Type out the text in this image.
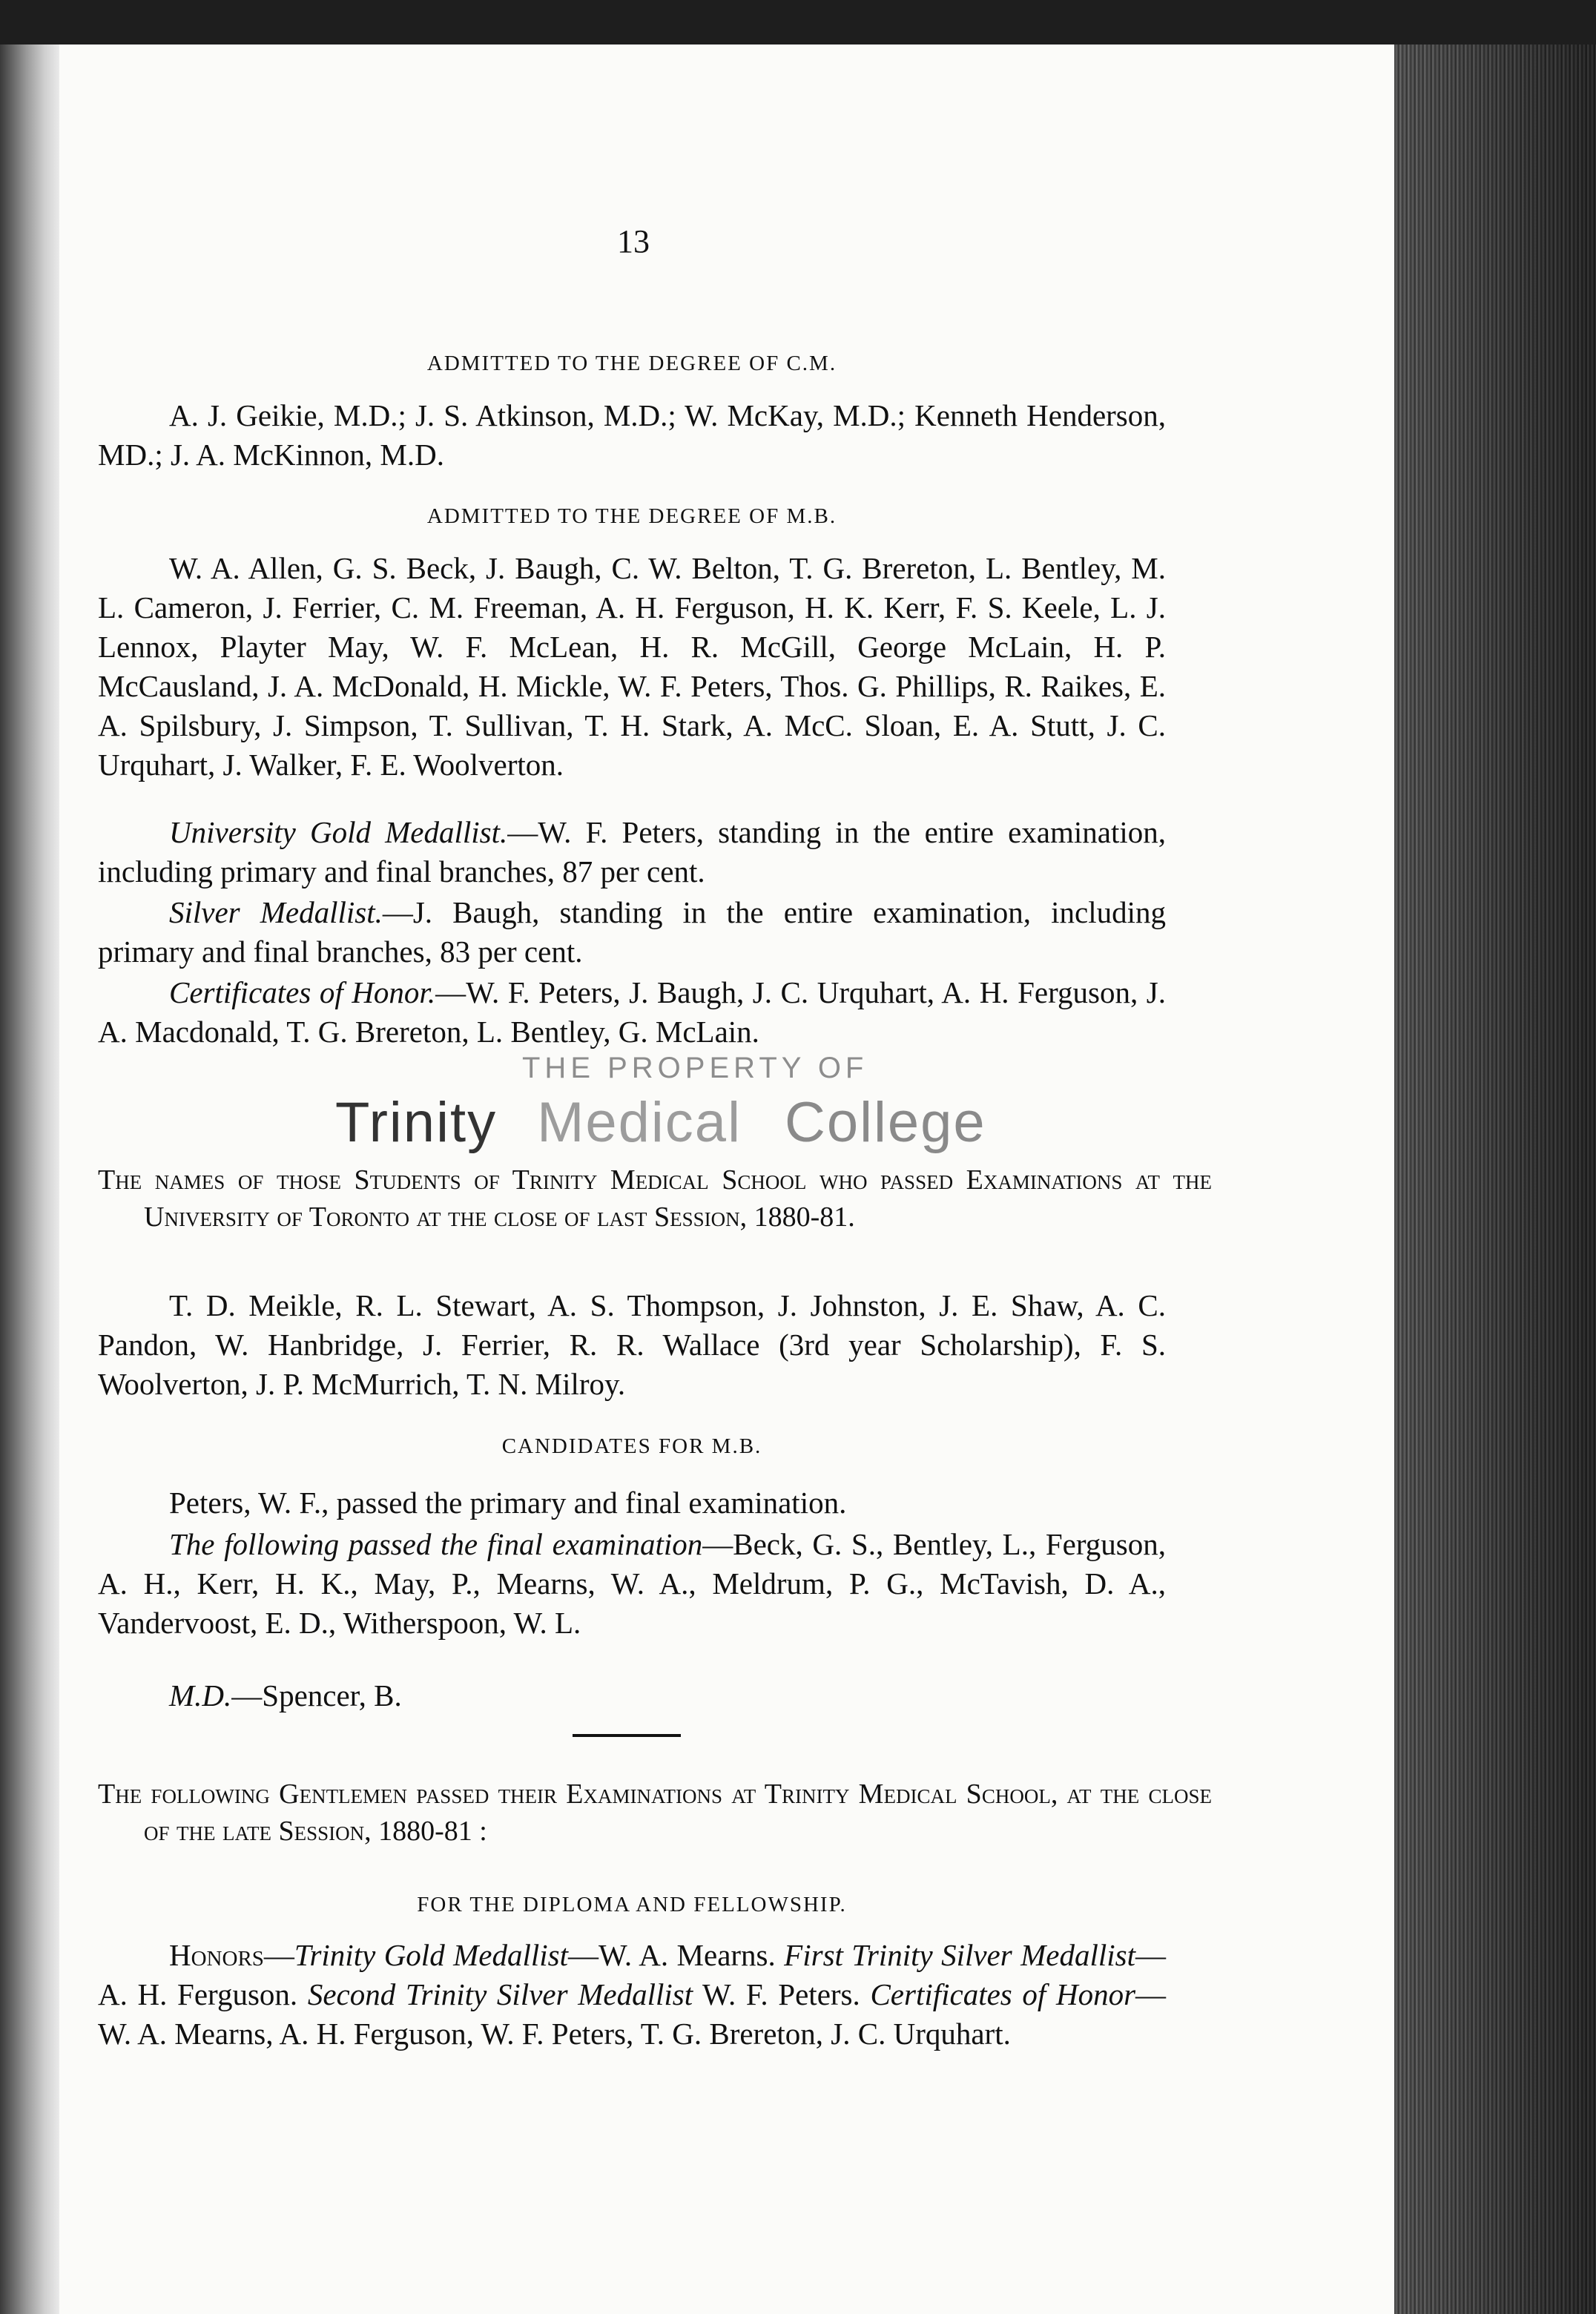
13
ADMITTED TO THE DEGREE OF C.M.
A. J. Geikie, M.D.; J. S. Atkinson, M.D.; W. McKay, M.D.; Kenneth Henderson, MD.; J. A. McKinnon, M.D.
ADMITTED TO THE DEGREE OF M.B.
W. A. Allen, G. S. Beck, J. Baugh, C. W. Belton, T. G. Brereton, L. Bentley, M. L. Cameron, J. Ferrier, C. M. Freeman, A. H. Ferguson, H. K. Kerr, F. S. Keele, L. J. Lennox, Playter May, W. F. McLean, H. R. McGill, George McLain, H. P. McCausland, J. A. McDonald, H. Mickle, W. F. Peters, Thos. G. Phillips, R. Raikes, E. A. Spilsbury, J. Simpson, T. Sullivan, T. H. Stark, A. McC. Sloan, E. A. Stutt, J. C. Urquhart, J. Walker, F. E. Woolverton.
University Gold Medallist.—W. F. Peters, standing in the entire examination, including primary and final branches, 87 per cent.
Silver Medallist.—J. Baugh, standing in the entire examination, including primary and final branches, 83 per cent.
Certificates of Honor.—W. F. Peters, J. Baugh, J. C. Urquhart, A. H. Ferguson, J. A. Macdonald, T. G. Brereton, L. Bentley, G. McLain.
THE PROPERTY OF
Trinity Medical College
The names of those Students of Trinity Medical School who passed Examinations at the University of Toronto at the close of last Session, 1880-81.
T. D. Meikle, R. L. Stewart, A. S. Thompson, J. Johnston, J. E. Shaw, A. C. Pandon, W. Hanbridge, J. Ferrier, R. R. Wallace (3rd year Scholarship), F. S. Woolverton, J. P. McMurrich, T. N. Milroy.
CANDIDATES FOR M.B.
Peters, W. F., passed the primary and final examination.
The following passed the final examination—Beck, G. S., Bentley, L., Ferguson, A. H., Kerr, H. K., May, P., Mearns, W. A., Meldrum, P. G., McTavish, D. A., Vandervoost, E. D., Witherspoon, W. L.
M.D.—Spencer, B.
The following Gentlemen passed their Examinations at Trinity Medical School, at the close of the late Session, 1880-81 :
FOR THE DIPLOMA AND FELLOWSHIP.
Honors—Trinity Gold Medallist—W. A. Mearns. First Trinity Silver Medallist—A. H. Ferguson. Second Trinity Silver Medallist W. F. Peters. Certificates of Honor—W. A. Mearns, A. H. Ferguson, W. F. Peters, T. G. Brereton, J. C. Urquhart.
